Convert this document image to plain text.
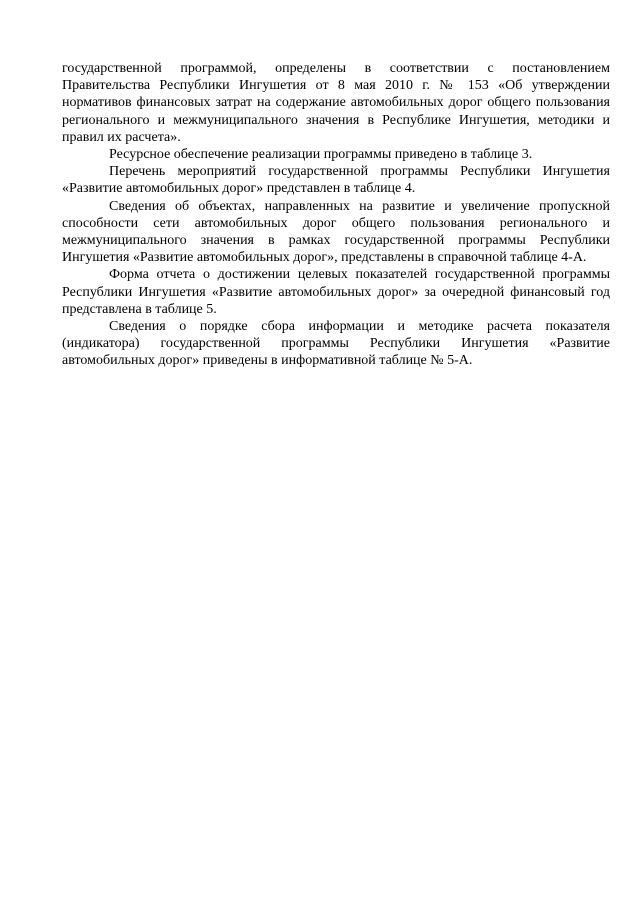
государственной программой, определены в соответствии с постановлением Правительства Республики Ингушетия от 8 мая 2010 г. № 153 «Об утверждении нормативов финансовых затрат на содержание автомобильных дорог общего пользования регионального и межмуниципального значения в Республике Ингушетия, методики и правил их расчета».

Ресурсное обеспечение реализации программы приведено в таблице 3.

Перечень мероприятий государственной программы Республики Ингушетия «Развитие автомобильных дорог» представлен в таблице 4.

Сведения об объектах, направленных на развитие и увеличение пропускной способности сети автомобильных дорог общего пользования регионального и межмуниципального значения в рамках государственной программы Республики Ингушетия «Развитие автомобильных дорог», представлены в справочной таблице 4-А.

Форма отчета о достижении целевых показателей государственной программы Республики Ингушетия «Развитие автомобильных дорог» за очередной финансовый год представлена в таблице 5.

Сведения о порядке сбора информации и методике расчета показателя (индикатора) государственной программы Республики Ингушетия «Развитие автомобильных дорог» приведены в информативной таблице № 5-А.
